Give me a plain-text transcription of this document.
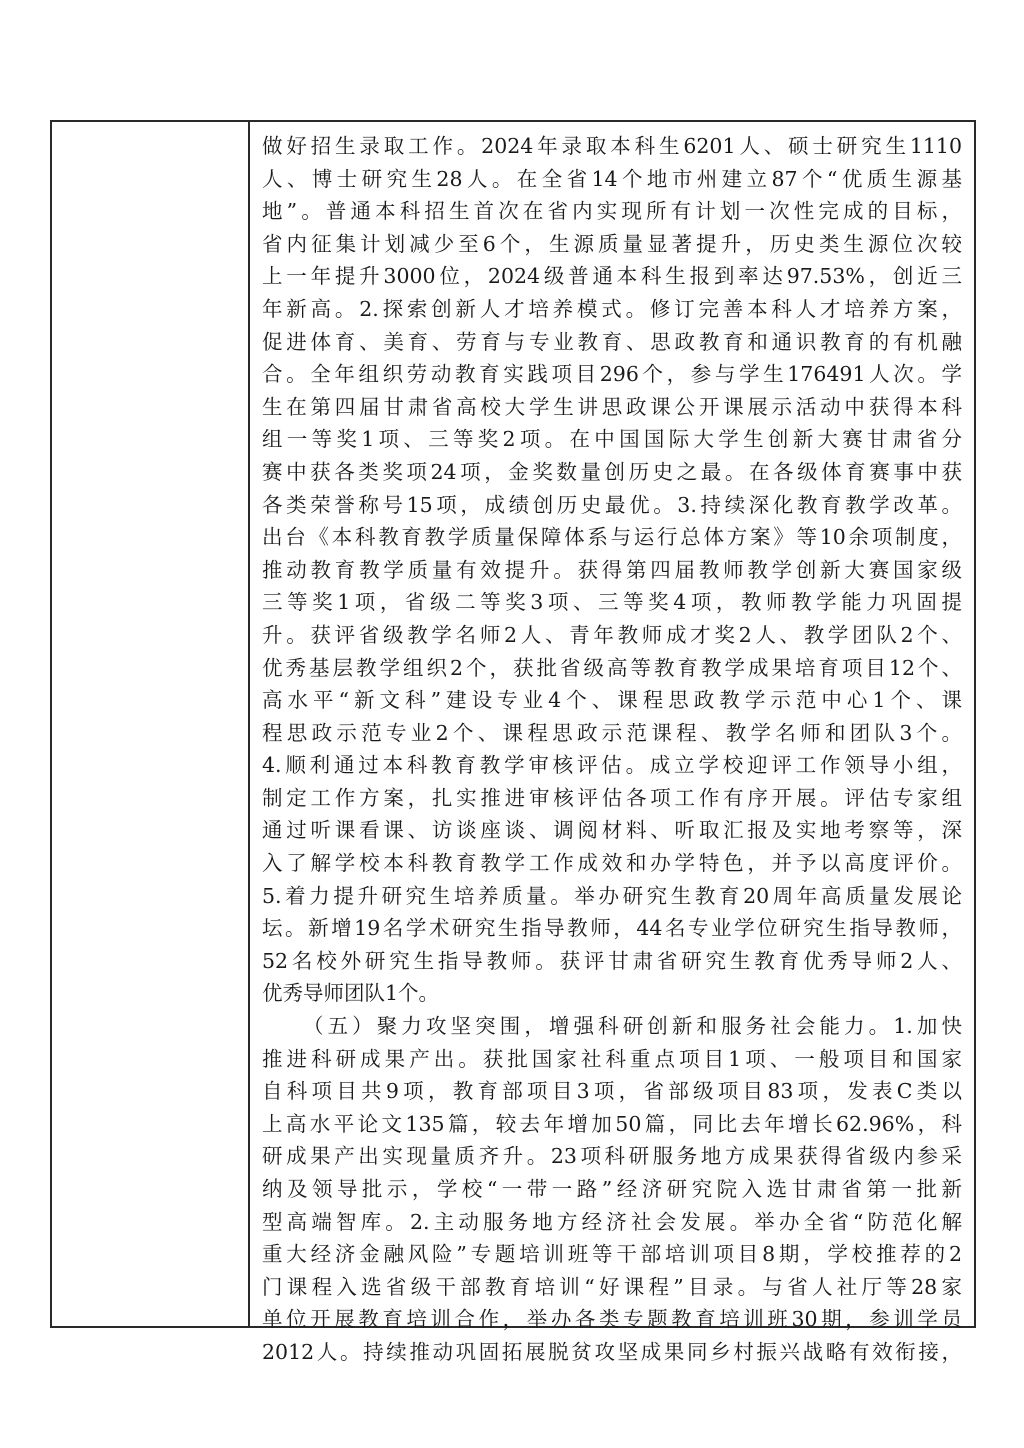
做好招生录取工作。2024年录取本科生6201人、硕士研究生1110
人、博士研究生28人。在全省14个地市州建立87个“优质生源基
地”。普通本科招生首次在省内实现所有计划一次性完成的目标，
省内征集计划减少至6个，生源质量显著提升，历史类生源位次较
上一年提升3000位，2024级普通本科生报到率达97.53%，创近三
年新高。2.探索创新人才培养模式。修订完善本科人才培养方案，
促进体育、美育、劳育与专业教育、思政教育和通识教育的有机融
合。全年组织劳动教育实践项目296个，参与学生176491人次。学
生在第四届甘肃省高校大学生讲思政课公开课展示活动中获得本科
组一等奖1项、三等奖2项。在中国国际大学生创新大赛甘肃省分
赛中获各类奖项24项，金奖数量创历史之最。在各级体育赛事中获
各类荣誉称号15项，成绩创历史最优。3.持续深化教育教学改革。
出台《本科教育教学质量保障体系与运行总体方案》等10余项制度，
推动教育教学质量有效提升。获得第四届教师教学创新大赛国家级
三等奖1项，省级二等奖3项、三等奖4项，教师教学能力巩固提
升。获评省级教学名师2人、青年教师成才奖2人、教学团队2个、
优秀基层教学组织2个，获批省级高等教育教学成果培育项目12个、
高水平“新文科”建设专业4个、课程思政教学示范中心1个、课
程思政示范专业2个、课程思政示范课程、教学名师和团队3个。
4.顺利通过本科教育教学审核评估。成立学校迎评工作领导小组，
制定工作方案，扎实推进审核评估各项工作有序开展。评估专家组
通过听课看课、访谈座谈、调阅材料、听取汇报及实地考察等，深
入了解学校本科教育教学工作成效和办学特色，并予以高度评价。
5.着力提升研究生培养质量。举办研究生教育20周年高质量发展论
坛。新增19名学术研究生指导教师，44名专业学位研究生指导教师，
52名校外研究生指导教师。获评甘肃省研究生教育优秀导师2人、
优秀导师团队1个。
（五）聚力攻坚突围，增强科研创新和服务社会能力。1.加快
推进科研成果产出。获批国家社科重点项目1项、一般项目和国家
自科项目共9项，教育部项目3项，省部级项目83项，发表C类以
上高水平论文135篇，较去年增加50篇，同比去年增长62.96%，科
研成果产出实现量质齐升。23项科研服务地方成果获得省级内参采
纳及领导批示，学校“一带一路”经济研究院入选甘肃省第一批新
型高端智库。2.主动服务地方经济社会发展。举办全省“防范化解
重大经济金融风险”专题培训班等干部培训项目8期，学校推荐的2
门课程入选省级干部教育培训“好课程”目录。与省人社厅等28家
单位开展教育培训合作，举办各类专题教育培训班30期，参训学员
2012人。持续推动巩固拓展脱贫攻坚成果同乡村振兴战略有效衔接，
